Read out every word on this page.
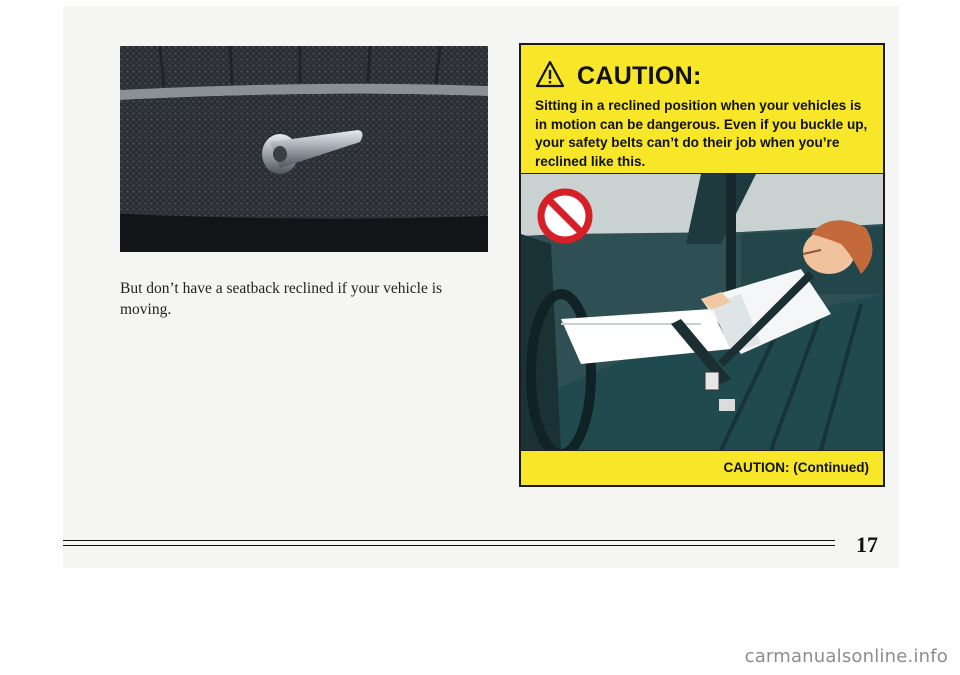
But don’t have a seatback reclined if your vehicle is moving.
CAUTION:
Sitting in a reclined position when your vehicles is in motion can be dangerous. Even if you buckle up, your safety belts can’t do their job when you’re reclined like this.
CAUTION: (Continued)
17
carmanualsonline.info
